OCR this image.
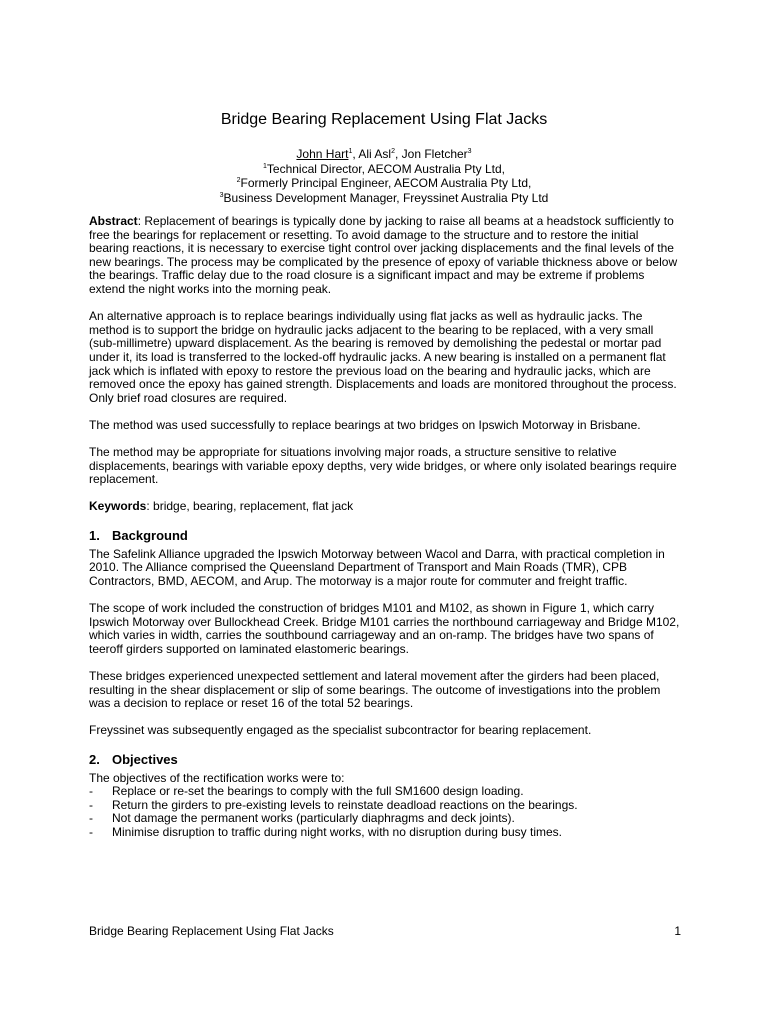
Bridge Bearing Replacement Using Flat Jacks
John Hart$^1$, Ali Asl$^2$, Jon Fletcher$^3$
$^1$Technical Director, AECOM Australia Pty Ltd,
$^2$Formerly Principal Engineer, AECOM Australia Pty Ltd,
$^3$Business Development Manager, Freyssinet Australia Pty Ltd

Abstract: Replacement of bearings is typically done by jacking to raise all beams at a headstock sufficiently to free the bearings for replacement or resetting. To avoid damage to the structure and to restore the initial bearing reactions, it is necessary to exercise tight control over jacking displacements and the final levels of the new bearings. The process may be complicated by the presence of epoxy of variable thickness above or below the bearings. Traffic delay due to the road closure is a significant impact and may be extreme if problems extend the night works into the morning peak.

An alternative approach is to replace bearings individually using flat jacks as well as hydraulic jacks. The method is to support the bridge on hydraulic jacks adjacent to the bearing to be replaced, with a very small (sub-millimetre) upward displacement. As the bearing is removed by demolishing the pedestal or mortar pad under it, its load is transferred to the locked-off hydraulic jacks. A new bearing is installed on a permanent flat jack which is inflated with epoxy to restore the previous load on the bearing and hydraulic jacks, which are removed once the epoxy has gained strength. Displacements and loads are monitored throughout the process. Only brief road closures are required.

The method was used successfully to replace bearings at two bridges on Ipswich Motorway in Brisbane.

The method may be appropriate for situations involving major roads, a structure sensitive to relative displacements, bearings with variable epoxy depths, very wide bridges, or where only isolated bearings require replacement.

Keywords: bridge, bearing, replacement, flat jack

1. Background

The Safelink Alliance upgraded the Ipswich Motorway between Wacol and Darra, with practical completion in 2010. The Alliance comprised the Queensland Department of Transport and Main Roads (TMR), CPB Contractors, BMD, AECOM, and Arup. The motorway is a major route for commuter and freight traffic.

The scope of work included the construction of bridges M101 and M102, as shown in Figure 1, which carry Ipswich Motorway over Bullockhead Creek. Bridge M101 carries the northbound carriageway and Bridge M102, which varies in width, carries the southbound carriageway and an on-ramp. The bridges have two spans of teeroff girders supported on laminated elastomeric bearings.

These bridges experienced unexpected settlement and lateral movement after the girders had been placed, resulting in the shear displacement or slip of some bearings. The outcome of investigations into the problem was a decision to replace or reset 16 of the total 52 bearings.

Freyssinet was subsequently engaged as the specialist subcontractor for bearing replacement.

2. Objectives
The objectives of the rectification works were to:
- Replace or re-set the bearings to comply with the full SM1600 design loading.
- Return the girders to pre-existing levels to reinstate deadload reactions on the bearings.
- Not damage the permanent works (particularly diaphragms and deck joints).
- Minimise disruption to traffic during night works, with no disruption during busy times.
Bridge Bearing Replacement Using Flat Jacks	1
